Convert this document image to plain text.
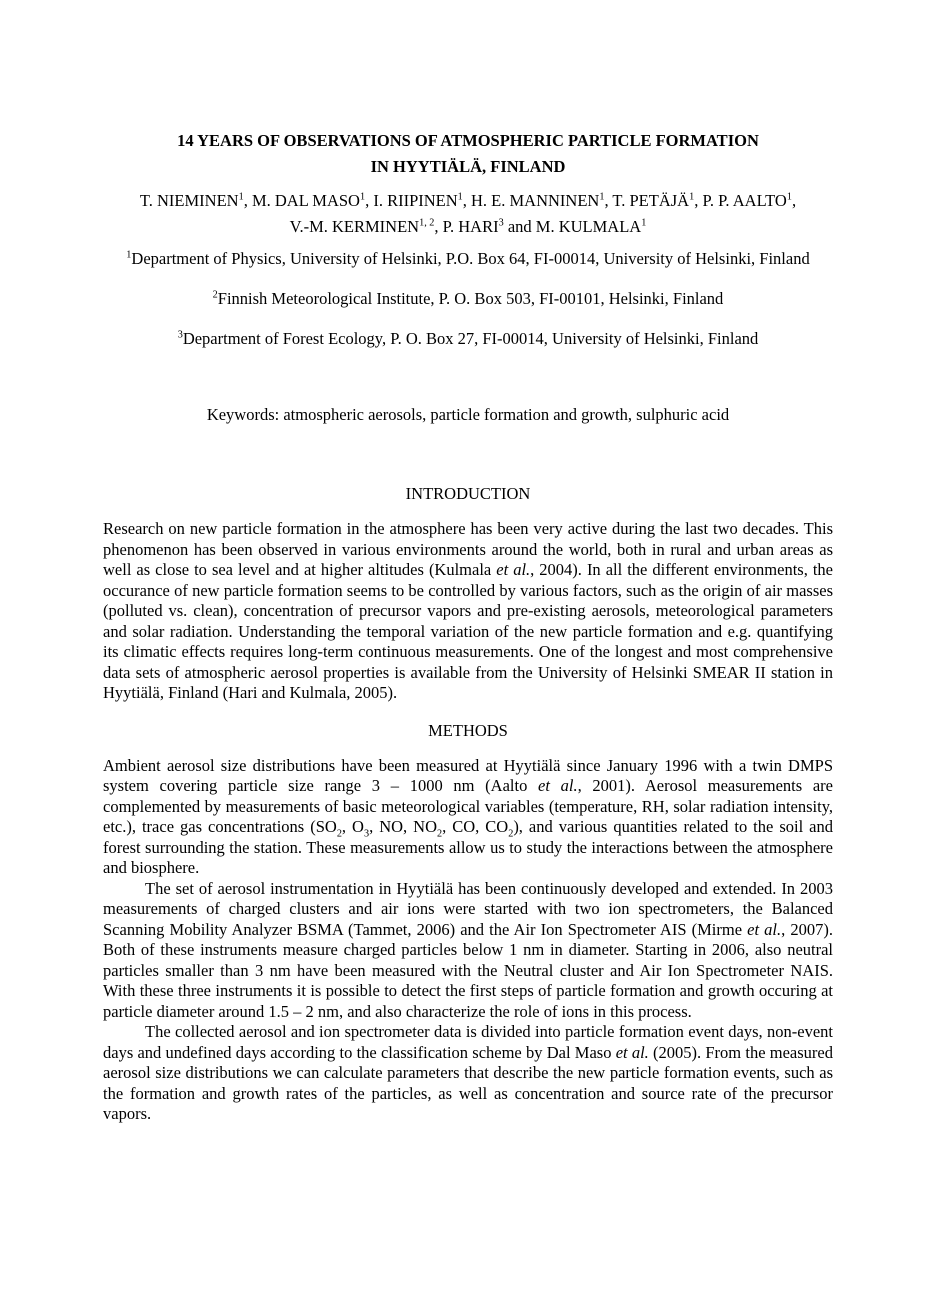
14 YEARS OF OBSERVATIONS OF ATMOSPHERIC PARTICLE FORMATION
IN HYYTIÄLÄ, FINLAND

T. NIEMINEN$^1$, M. DAL MASO$^1$, I. RIIPINEN$^1$, H. E. MANNINEN$^1$, T. PETÄJÄ$^1$, P. P. AALTO$^1$,
V.-M. KERMINEN$^{1, 2}$, P. HARI$^3$ and M. KULMALA$^1$

$^1$Department of Physics, University of Helsinki, P.O. Box 64, FI-00014, University of Helsinki, Finland

$^2$Finnish Meteorological Institute, P. O. Box 503, FI-00101, Helsinki, Finland

$^3$Department of Forest Ecology, P. O. Box 27, FI-00014, University of Helsinki, Finland

Keywords: atmospheric aerosols, particle formation and growth, sulphuric acid

INTRODUCTION

Research on new particle formation in the atmosphere has been very active during the last two decades. This phenomenon has been observed in various environments around the world, both in rural and urban areas as well as close to sea level and at higher altitudes (Kulmala et al., 2004). In all the different environments, the occurance of new particle formation seems to be controlled by various factors, such as the origin of air masses (polluted vs. clean), concentration of precursor vapors and pre-existing aerosols, meteorological parameters and solar radiation. Understanding the temporal variation of the new particle formation and e.g. quantifying its climatic effects requires long-term continuous measurements. One of the longest and most comprehensive data sets of atmospheric aerosol properties is available from the University of Helsinki SMEAR II station in Hyytiälä, Finland (Hari and Kulmala, 2005).

METHODS

Ambient aerosol size distributions have been measured at Hyytiälä since January 1996 with a twin DMPS system covering particle size range 3 – 1000 nm (Aalto et al., 2001). Aerosol measurements are complemented by measurements of basic meteorological variables (temperature, RH, solar radiation intensity, etc.), trace gas concentrations ($SO_2$, $O_3$, NO, $NO_2$, CO, $CO_2$), and various quantities related to the soil and forest surrounding the station. These measurements allow us to study the interactions between the atmosphere and biosphere.

The set of aerosol instrumentation in Hyytiälä has been continuously developed and extended. In 2003 measurements of charged clusters and air ions were started with two ion spectrometers, the Balanced Scanning Mobility Analyzer BSMA (Tammet, 2006) and the Air Ion Spectrometer AIS (Mirme et al., 2007). Both of these instruments measure charged particles below 1 nm in diameter. Starting in 2006, also neutral particles smaller than 3 nm have been measured with the Neutral cluster and Air Ion Spectrometer NAIS. With these three instruments it is possible to detect the first steps of particle formation and growth occuring at particle diameter around 1.5 – 2 nm, and also characterize the role of ions in this process.

The collected aerosol and ion spectrometer data is divided into particle formation event days, non-event days and undefined days according to the classification scheme by Dal Maso et al. (2005). From the measured aerosol size distributions we can calculate parameters that describe the new particle formation events, such as the formation and growth rates of the particles, as well as concentration and source rate of the precursor vapors.
